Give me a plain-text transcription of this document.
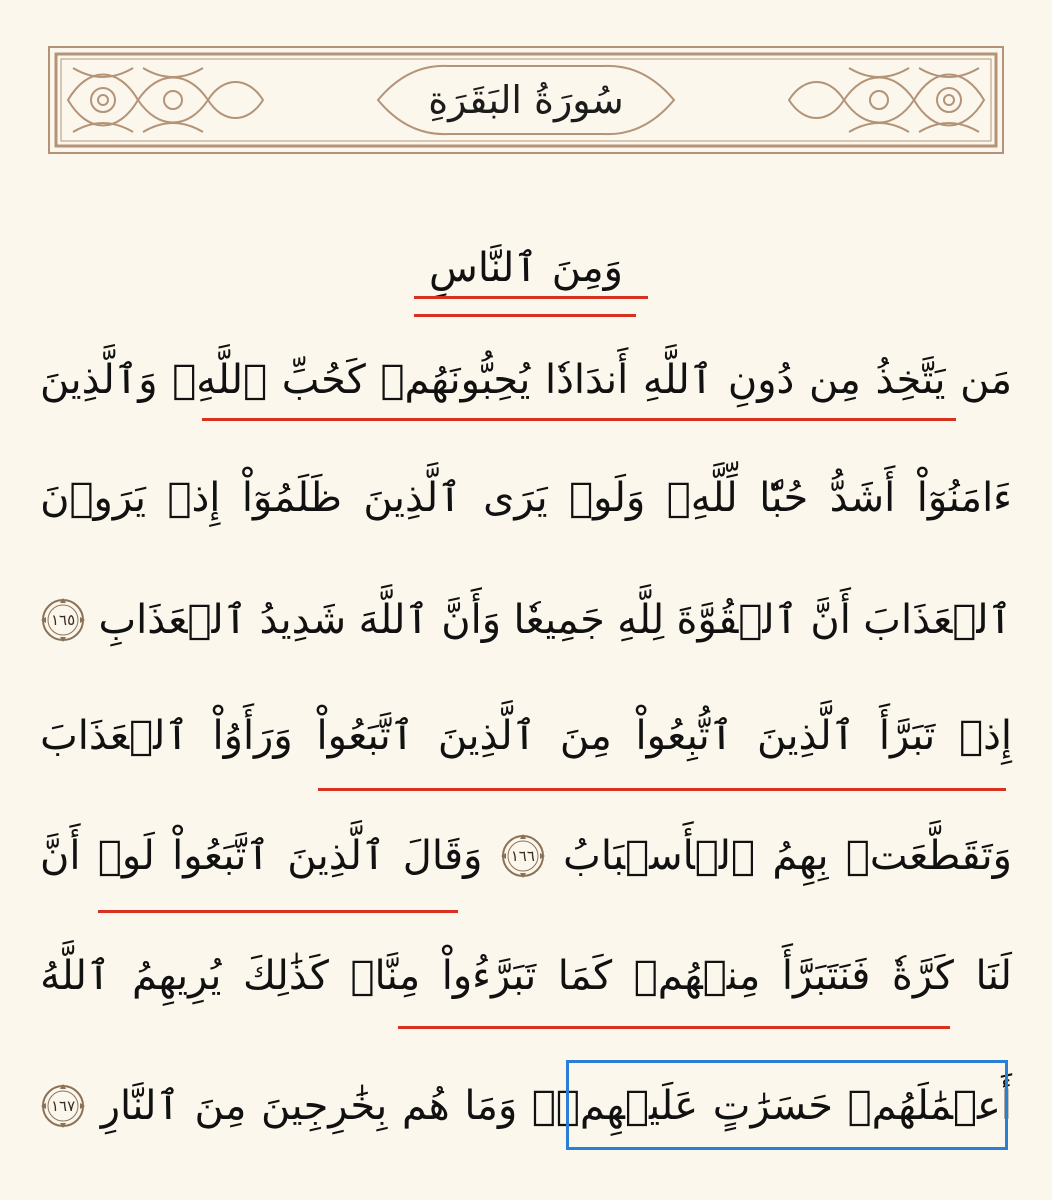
سُورَةُ البَقَرَةِ
وَمِنَ
ٱلنَّاسِ
مَن
يَتَّخِذُ
مِن
دُونِ
ٱللَّهِ
أَندَادٗا
يُحِبُّونَهُمۡ
كَحُبِّ
ٱللَّهِۖ
وَٱلَّذِينَ
ءَامَنُوٓاْ
أَشَدُّ
حُبّٗا
لِّلَّهِۗ
وَلَوۡ
يَرَى
ٱلَّذِينَ
ظَلَمُوٓاْ
إِذۡ
يَرَوۡنَ
ٱلۡعَذَابَ
أَنَّ
ٱلۡقُوَّةَ
لِلَّهِ
جَمِيعٗا
وَأَنَّ
ٱللَّهَ
شَدِيدُ
ٱلۡعَذَابِ
١٦٥
إِذۡ
تَبَرَّأَ
ٱلَّذِينَ
ٱتُّبِعُواْ
مِنَ
ٱلَّذِينَ
ٱتَّبَعُواْ
وَرَأَوُاْ
ٱلۡعَذَابَ
وَتَقَطَّعَتۡ
بِهِمُ
ٱلۡأَسۡبَابُ
١٦٦
وَقَالَ
ٱلَّذِينَ
ٱتَّبَعُواْ
لَوۡ
أَنَّ
لَنَا
كَرَّةٗ
فَنَتَبَرَّأَ
مِنۡهُمۡ
كَمَا
تَبَرَّءُواْ
مِنَّاۗ
كَذَٰلِكَ
يُرِيهِمُ
ٱللَّهُ
أَعۡمَٰلَهُمۡ
حَسَرَٰتٍ
عَلَيۡهِمۡۖ
وَمَا
هُم
بِخَٰرِجِينَ
مِنَ
ٱلنَّارِ
١٦٧
